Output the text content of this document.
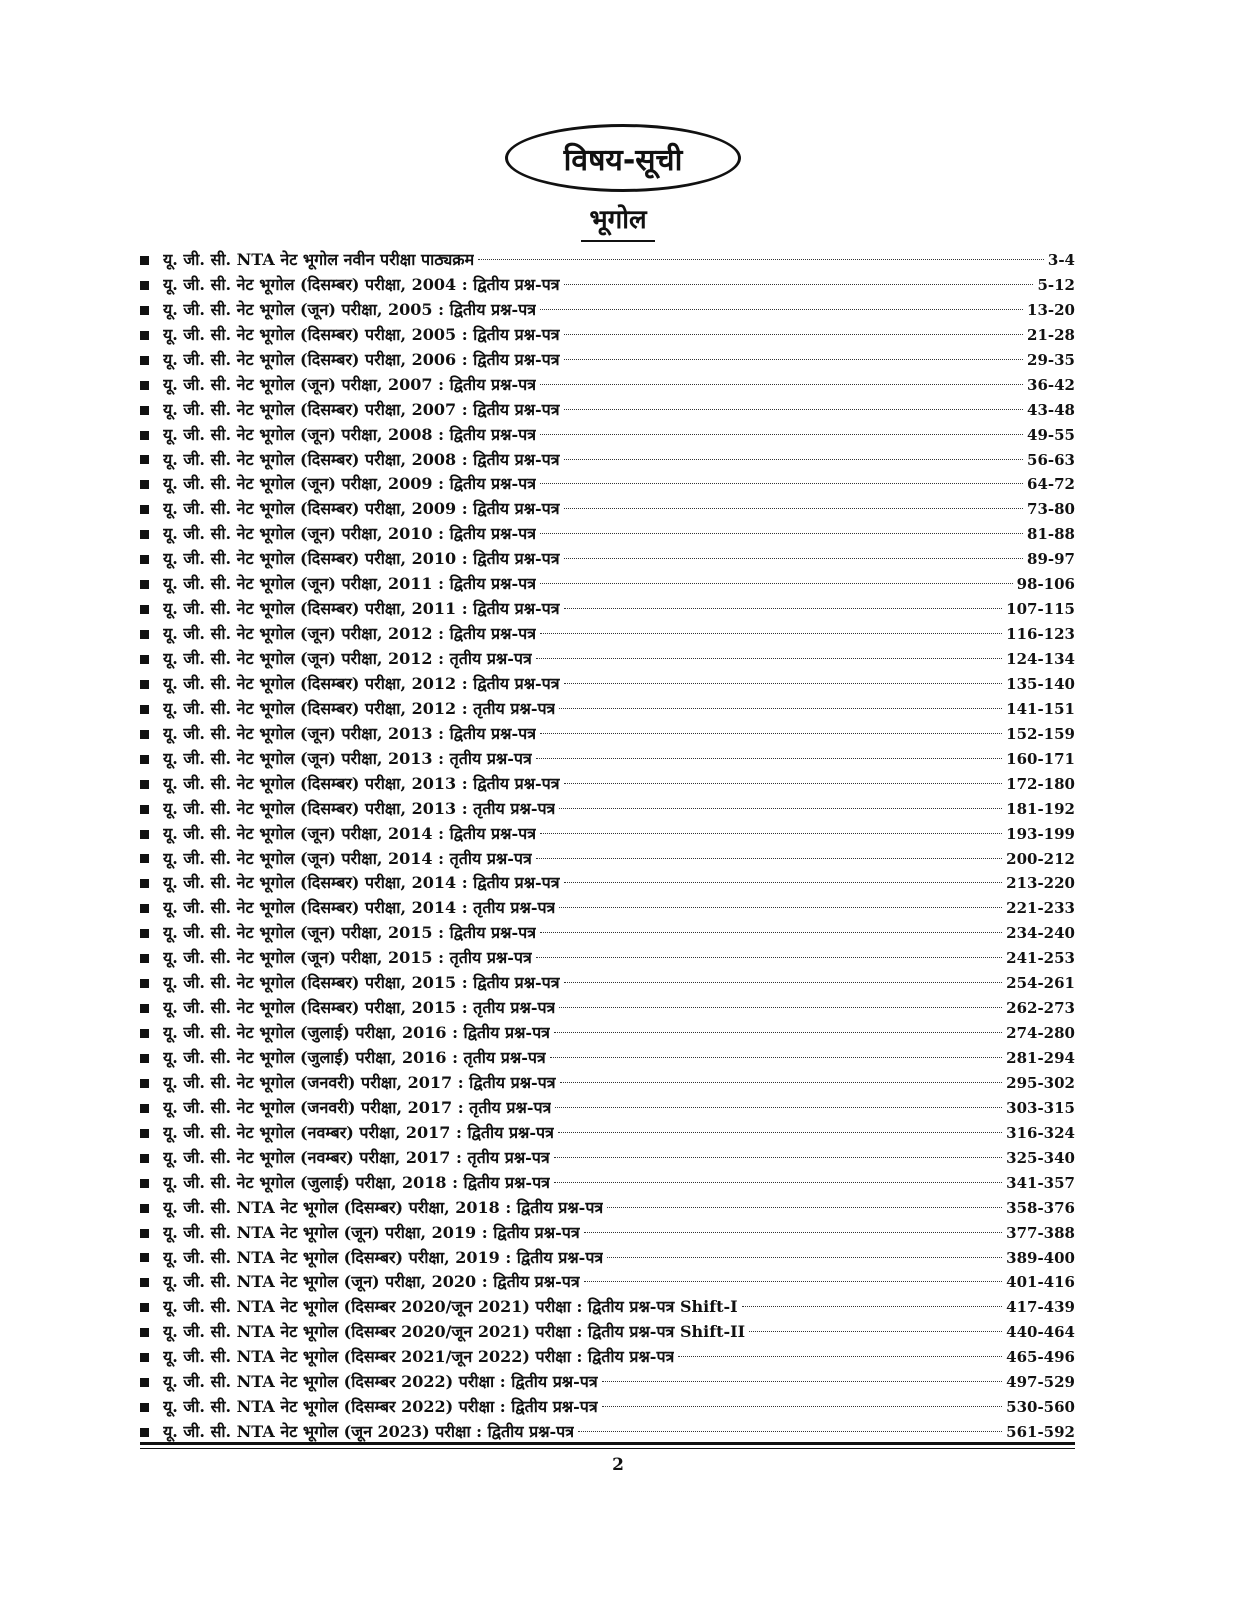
विषय-सूची
भूगोल
यू. जी. सी. NTA नेट भूगोल नवीन परीक्षा पाठ्यक्रम	3-4
यू. जी. सी. नेट भूगोल (दिसम्बर) परीक्षा, 2004 : द्वितीय प्रश्न-पत्र	5-12
यू. जी. सी. नेट भूगोल (जून) परीक्षा, 2005 : द्वितीय प्रश्न-पत्र	13-20
यू. जी. सी. नेट भूगोल (दिसम्बर) परीक्षा, 2005 : द्वितीय प्रश्न-पत्र	21-28
यू. जी. सी. नेट भूगोल (दिसम्बर) परीक्षा, 2006 : द्वितीय प्रश्न-पत्र	29-35
यू. जी. सी. नेट भूगोल (जून) परीक्षा, 2007 : द्वितीय प्रश्न-पत्र	36-42
यू. जी. सी. नेट भूगोल (दिसम्बर) परीक्षा, 2007 : द्वितीय प्रश्न-पत्र	43-48
यू. जी. सी. नेट भूगोल (जून) परीक्षा, 2008 : द्वितीय प्रश्न-पत्र	49-55
यू. जी. सी. नेट भूगोल (दिसम्बर) परीक्षा, 2008 : द्वितीय प्रश्न-पत्र	56-63
यू. जी. सी. नेट भूगोल (जून) परीक्षा, 2009 : द्वितीय प्रश्न-पत्र	64-72
यू. जी. सी. नेट भूगोल (दिसम्बर) परीक्षा, 2009 : द्वितीय प्रश्न-पत्र	73-80
यू. जी. सी. नेट भूगोल (जून) परीक्षा, 2010 : द्वितीय प्रश्न-पत्र	81-88
यू. जी. सी. नेट भूगोल (दिसम्बर) परीक्षा, 2010 : द्वितीय प्रश्न-पत्र	89-97
यू. जी. सी. नेट भूगोल (जून) परीक्षा, 2011 : द्वितीय प्रश्न-पत्र	98-106
यू. जी. सी. नेट भूगोल (दिसम्बर) परीक्षा, 2011 : द्वितीय प्रश्न-पत्र	107-115
यू. जी. सी. नेट भूगोल (जून) परीक्षा, 2012 : द्वितीय प्रश्न-पत्र	116-123
यू. जी. सी. नेट भूगोल (जून) परीक्षा, 2012 : तृतीय प्रश्न-पत्र	124-134
यू. जी. सी. नेट भूगोल (दिसम्बर) परीक्षा, 2012 : द्वितीय प्रश्न-पत्र	135-140
यू. जी. सी. नेट भूगोल (दिसम्बर) परीक्षा, 2012 : तृतीय प्रश्न-पत्र	141-151
यू. जी. सी. नेट भूगोल (जून) परीक्षा, 2013 : द्वितीय प्रश्न-पत्र	152-159
यू. जी. सी. नेट भूगोल (जून) परीक्षा, 2013 : तृतीय प्रश्न-पत्र	160-171
यू. जी. सी. नेट भूगोल (दिसम्बर) परीक्षा, 2013 : द्वितीय प्रश्न-पत्र	172-180
यू. जी. सी. नेट भूगोल (दिसम्बर) परीक्षा, 2013 : तृतीय प्रश्न-पत्र	181-192
यू. जी. सी. नेट भूगोल (जून) परीक्षा, 2014 : द्वितीय प्रश्न-पत्र	193-199
यू. जी. सी. नेट भूगोल (जून) परीक्षा, 2014 : तृतीय प्रश्न-पत्र	200-212
यू. जी. सी. नेट भूगोल (दिसम्बर) परीक्षा, 2014 : द्वितीय प्रश्न-पत्र	213-220
यू. जी. सी. नेट भूगोल (दिसम्बर) परीक्षा, 2014 : तृतीय प्रश्न-पत्र	221-233
यू. जी. सी. नेट भूगोल (जून) परीक्षा, 2015 : द्वितीय प्रश्न-पत्र	234-240
यू. जी. सी. नेट भूगोल (जून) परीक्षा, 2015 : तृतीय प्रश्न-पत्र	241-253
यू. जी. सी. नेट भूगोल (दिसम्बर) परीक्षा, 2015 : द्वितीय प्रश्न-पत्र	254-261
यू. जी. सी. नेट भूगोल (दिसम्बर) परीक्षा, 2015 : तृतीय प्रश्न-पत्र	262-273
यू. जी. सी. नेट भूगोल (जुलाई) परीक्षा, 2016 : द्वितीय प्रश्न-पत्र	274-280
यू. जी. सी. नेट भूगोल (जुलाई) परीक्षा, 2016 : तृतीय प्रश्न-पत्र	281-294
यू. जी. सी. नेट भूगोल (जनवरी) परीक्षा, 2017 : द्वितीय प्रश्न-पत्र	295-302
यू. जी. सी. नेट भूगोल (जनवरी) परीक्षा, 2017 : तृतीय प्रश्न-पत्र	303-315
यू. जी. सी. नेट भूगोल (नवम्बर) परीक्षा, 2017 : द्वितीय प्रश्न-पत्र	316-324
यू. जी. सी. नेट भूगोल (नवम्बर) परीक्षा, 2017 : तृतीय प्रश्न-पत्र	325-340
यू. जी. सी. नेट भूगोल (जुलाई) परीक्षा, 2018 : द्वितीय प्रश्न-पत्र	341-357
यू. जी. सी. NTA नेट भूगोल (दिसम्बर) परीक्षा, 2018 : द्वितीय प्रश्न-पत्र	358-376
यू. जी. सी. NTA नेट भूगोल (जून) परीक्षा, 2019 : द्वितीय प्रश्न-पत्र	377-388
यू. जी. सी. NTA नेट भूगोल (दिसम्बर) परीक्षा, 2019 : द्वितीय प्रश्न-पत्र	389-400
यू. जी. सी. NTA नेट भूगोल (जून) परीक्षा, 2020 : द्वितीय प्रश्न-पत्र	401-416
यू. जी. सी. NTA नेट भूगोल (दिसम्बर 2020/जून 2021) परीक्षा : द्वितीय प्रश्न-पत्र Shift-I	417-439
यू. जी. सी. NTA नेट भूगोल (दिसम्बर 2020/जून 2021) परीक्षा : द्वितीय प्रश्न-पत्र Shift-II	440-464
यू. जी. सी. NTA नेट भूगोल (दिसम्बर 2021/जून 2022) परीक्षा : द्वितीय प्रश्न-पत्र	465-496
यू. जी. सी. NTA नेट भूगोल (दिसम्बर 2022) परीक्षा : द्वितीय प्रश्न-पत्र	497-529
यू. जी. सी. NTA नेट भूगोल (दिसम्बर 2022) परीक्षा : द्वितीय प्रश्न-पत्र	530-560
यू. जी. सी. NTA नेट भूगोल (जून 2023) परीक्षा : द्वितीय प्रश्न-पत्र	561-592
2
